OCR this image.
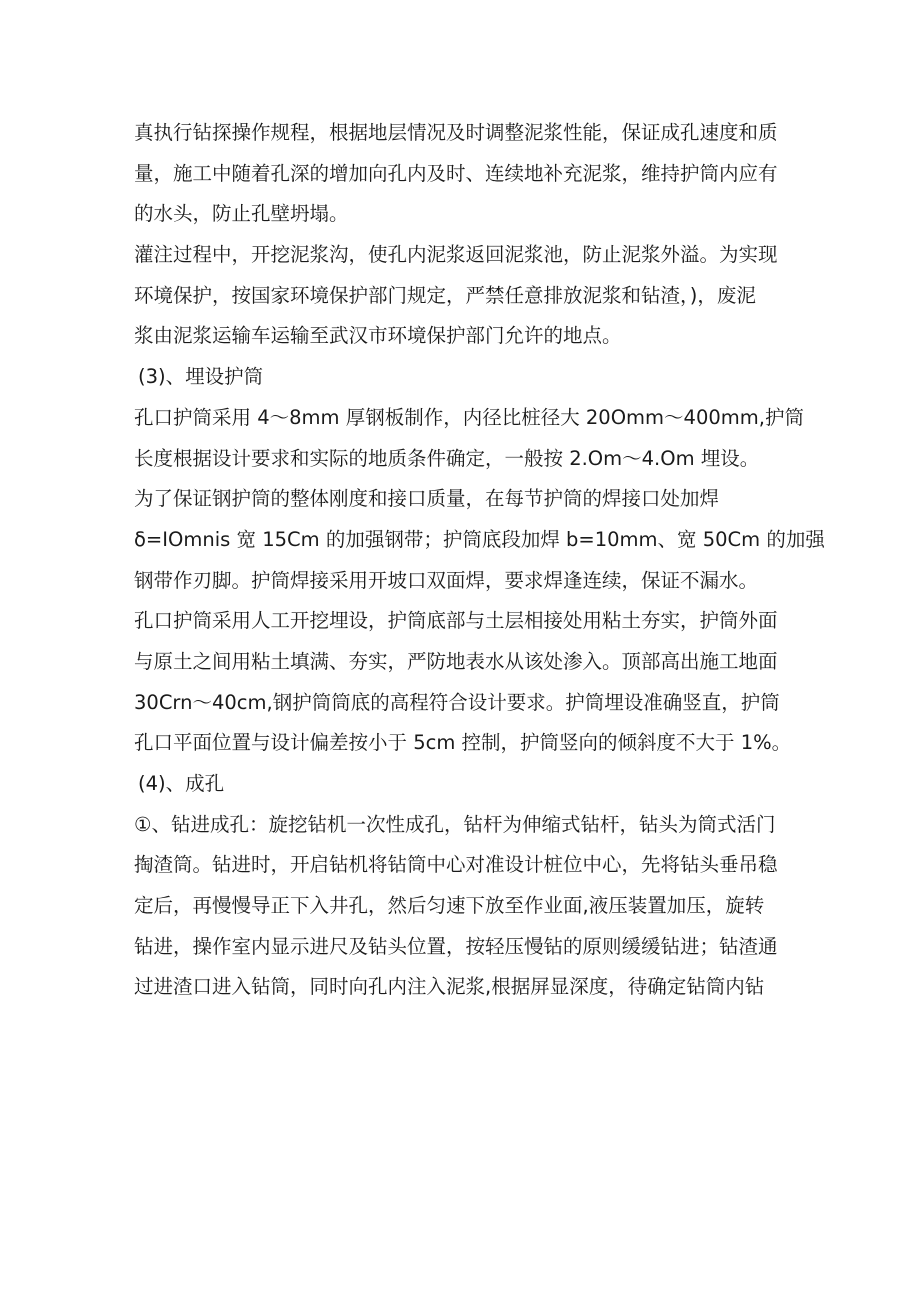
真执行钻探操作规程，根据地层情况及时调整泥浆性能，保证成孔速度和质
量，施工中随着孔深的增加向孔内及时、连续地补充泥浆，维持护筒内应有
的水头，防止孔壁坍塌。
灌注过程中，开挖泥浆沟，使孔内泥浆返回泥浆池，防止泥浆外溢。为实现
环境保护，按国家环境保护部门规定，严禁任意排放泥浆和钻渣，)，废泥
浆由泥浆运输车运输至武汉市环境保护部门允许的地点。
(3)、埋设护筒
孔口护筒采用 4〜8mm 厚钢板制作，内径比桩径大 20Omm〜400mm,护筒
长度根据设计要求和实际的地质条件确定，一般按 2.Om〜4.Om 埋设。
为了保证钢护筒的整体刚度和接口质量，在每节护筒的焊接口处加焊
δ=IOmnis 宽 15Cm 的加强钢带；护筒底段加焊 b=10mm、宽 50Cm 的加强
钢带作刃脚。护筒焊接采用开坡口双面焊，要求焊逢连续，保证不漏水。
孔口护筒采用人工开挖埋设，护筒底部与土层相接处用粘土夯实，护筒外面
与原土之间用粘土填满、夯实，严防地表水从该处渗入。顶部高出施工地面
30Crn〜40cm,钢护筒筒底的高程符合设计要求。护筒埋设准确竖直，护筒
孔口平面位置与设计偏差按小于 5cm 控制，护筒竖向的倾斜度不大于 1%。
(4)、成孔
①、钻进成孔：旋挖钻机一次性成孔，钻杆为伸缩式钻杆，钻头为筒式活门
掏渣筒。钻进时，开启钻机将钻筒中心对准设计桩位中心，先将钻头垂吊稳
定后，再慢慢导正下入井孔，然后匀速下放至作业面,液压装置加压，旋转
钻进，操作室内显示进尺及钻头位置，按轻压慢钻的原则缓缓钻进；钻渣通
过进渣口进入钻筒，同时向孔内注入泥浆,根据屏显深度，待确定钻筒内钻
